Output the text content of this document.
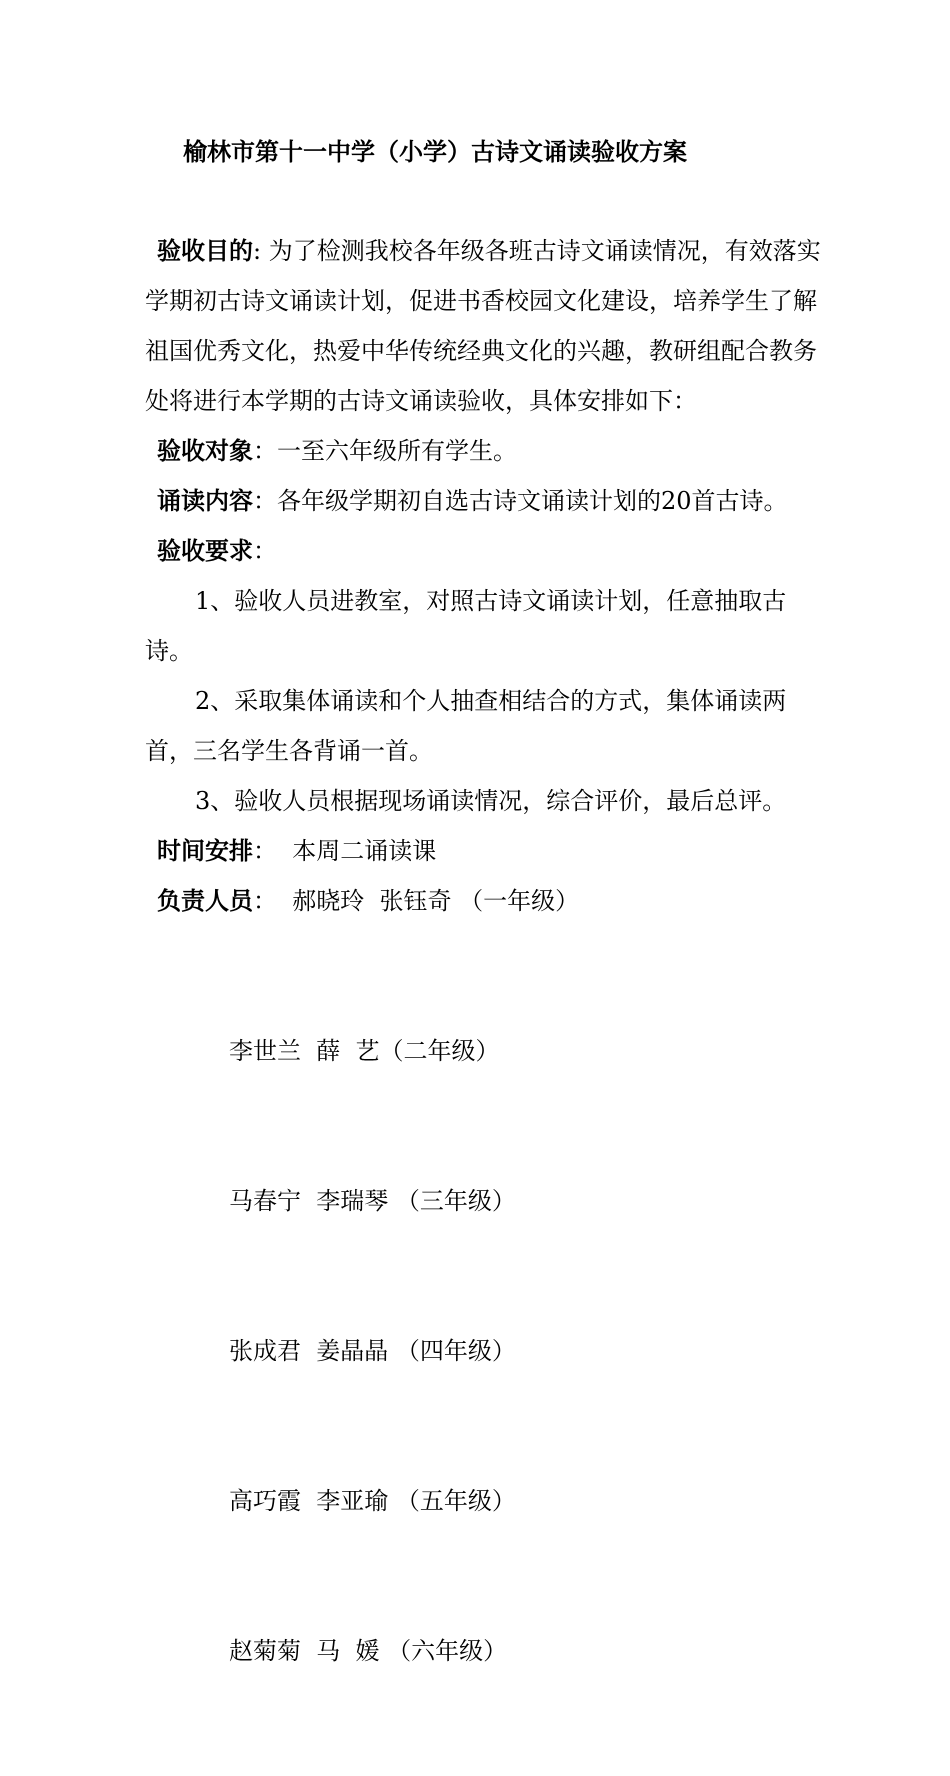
榆林市第十一中学（小学）古诗文诵读验收方案

验收目的: 为了检测我校各年级各班古诗文诵读情况，有效落实学期初古诗文诵读计划，促进书香校园文化建设，培养学生了解祖国优秀文化，热爱中华传统经典文化的兴趣，教研组配合教务处将进行本学期的古诗文诵读验收，具体安排如下：

验收对象：一至六年级所有学生。

诵读内容：各年级学期初自选古诗文诵读计划的20首古诗。

验收要求：

1、验收人员进教室，对照古诗文诵读计划，任意抽取古诗。

2、采取集体诵读和个人抽查相结合的方式，集体诵读两首，三名学生各背诵一首。

3、验收人员根据现场诵读情况，综合评价，最后总评。

时间安排：  本周二诵读课

负责人员：  郝晓玲  张钰奇 （一年级）

李世兰  薛  艺（二年级）

马春宁  李瑞琴 （三年级）

张成君  姜晶晶 （四年级）

高巧霞  李亚瑜 （五年级）

赵菊菊  马  媛 （六年级）
